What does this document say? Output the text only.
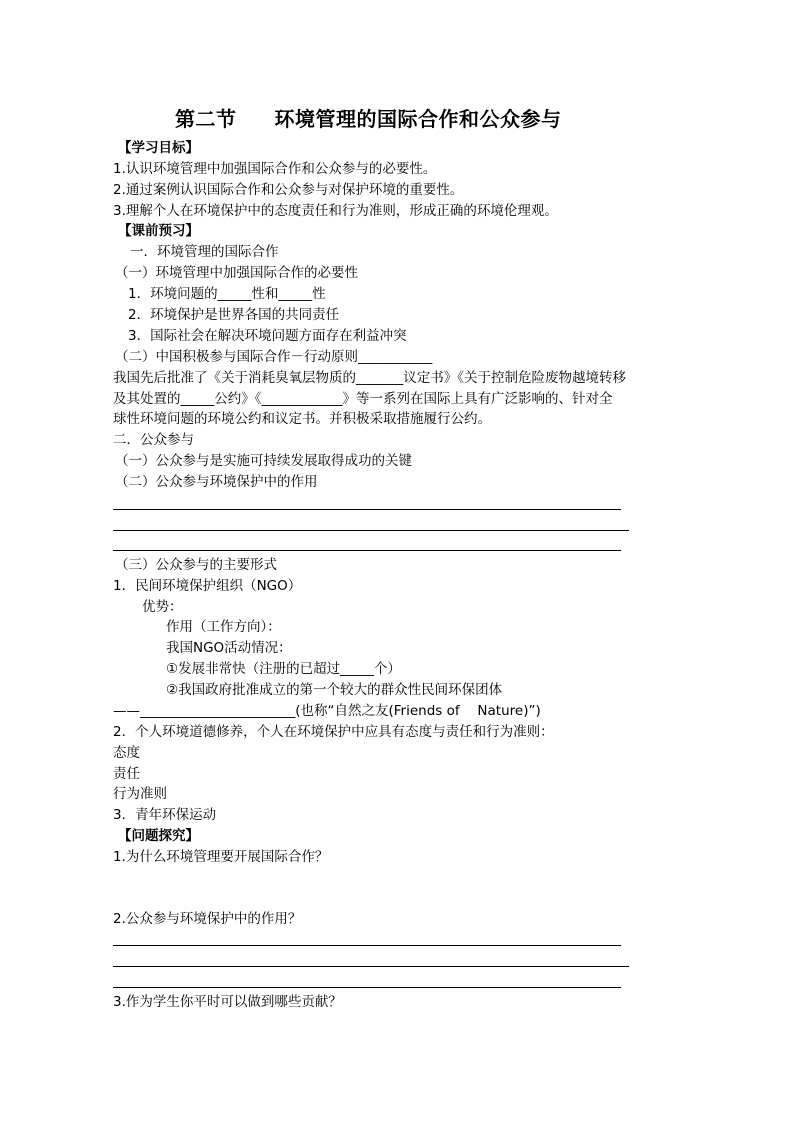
第二节 环境管理的国际合作和公众参与
【学习目标】
1.认识环境管理中加强国际合作和公众参与的必要性。
2.通过案例认识国际合作和公众参与对保护环境的重要性。
3.理解个人在环境保护中的态度责任和行为准则，形成正确的环境伦理观。
【课前预习】
一．环境管理的国际合作
（一）环境管理中加强国际合作的必要性
1．环境问题的_____性和_____性
2．环境保护是世界各国的共同责任
3．国际社会在解决环境问题方面存在利益冲突
（二）中国积极参与国际合作－行动原则___________
我国先后批准了《关于消耗臭氧层物质的_______议定书》《关于控制危险废物越境转移
及其处置的_____公约》《____________》等一系列在国际上具有广泛影响的、针对全
球性环境问题的环境公约和议定书。并积极采取措施履行公约。
二．公众参与
（一）公众参与是实施可持续发展取得成功的关键
（二）公众参与环境保护中的作用
（三）公众参与的主要形式
1．民间环境保护组织（NGO）
优势：
作用（工作方向）：
我国NGO活动情况：
①发展非常快（注册的已超过_____个）
②我国政府批准成立的第一个较大的群众性民间环保团体
——_______________________(也称“自然之友(Friends of　 Nature)”)
2．个人环境道德修养，个人在环境保护中应具有态度与责任和行为准则：
态度
责任
行为准则
3．青年环保运动
【问题探究】
1.为什么环境管理要开展国际合作？
2.公众参与环境保护中的作用？
3.作为学生你平时可以做到哪些贡献？
